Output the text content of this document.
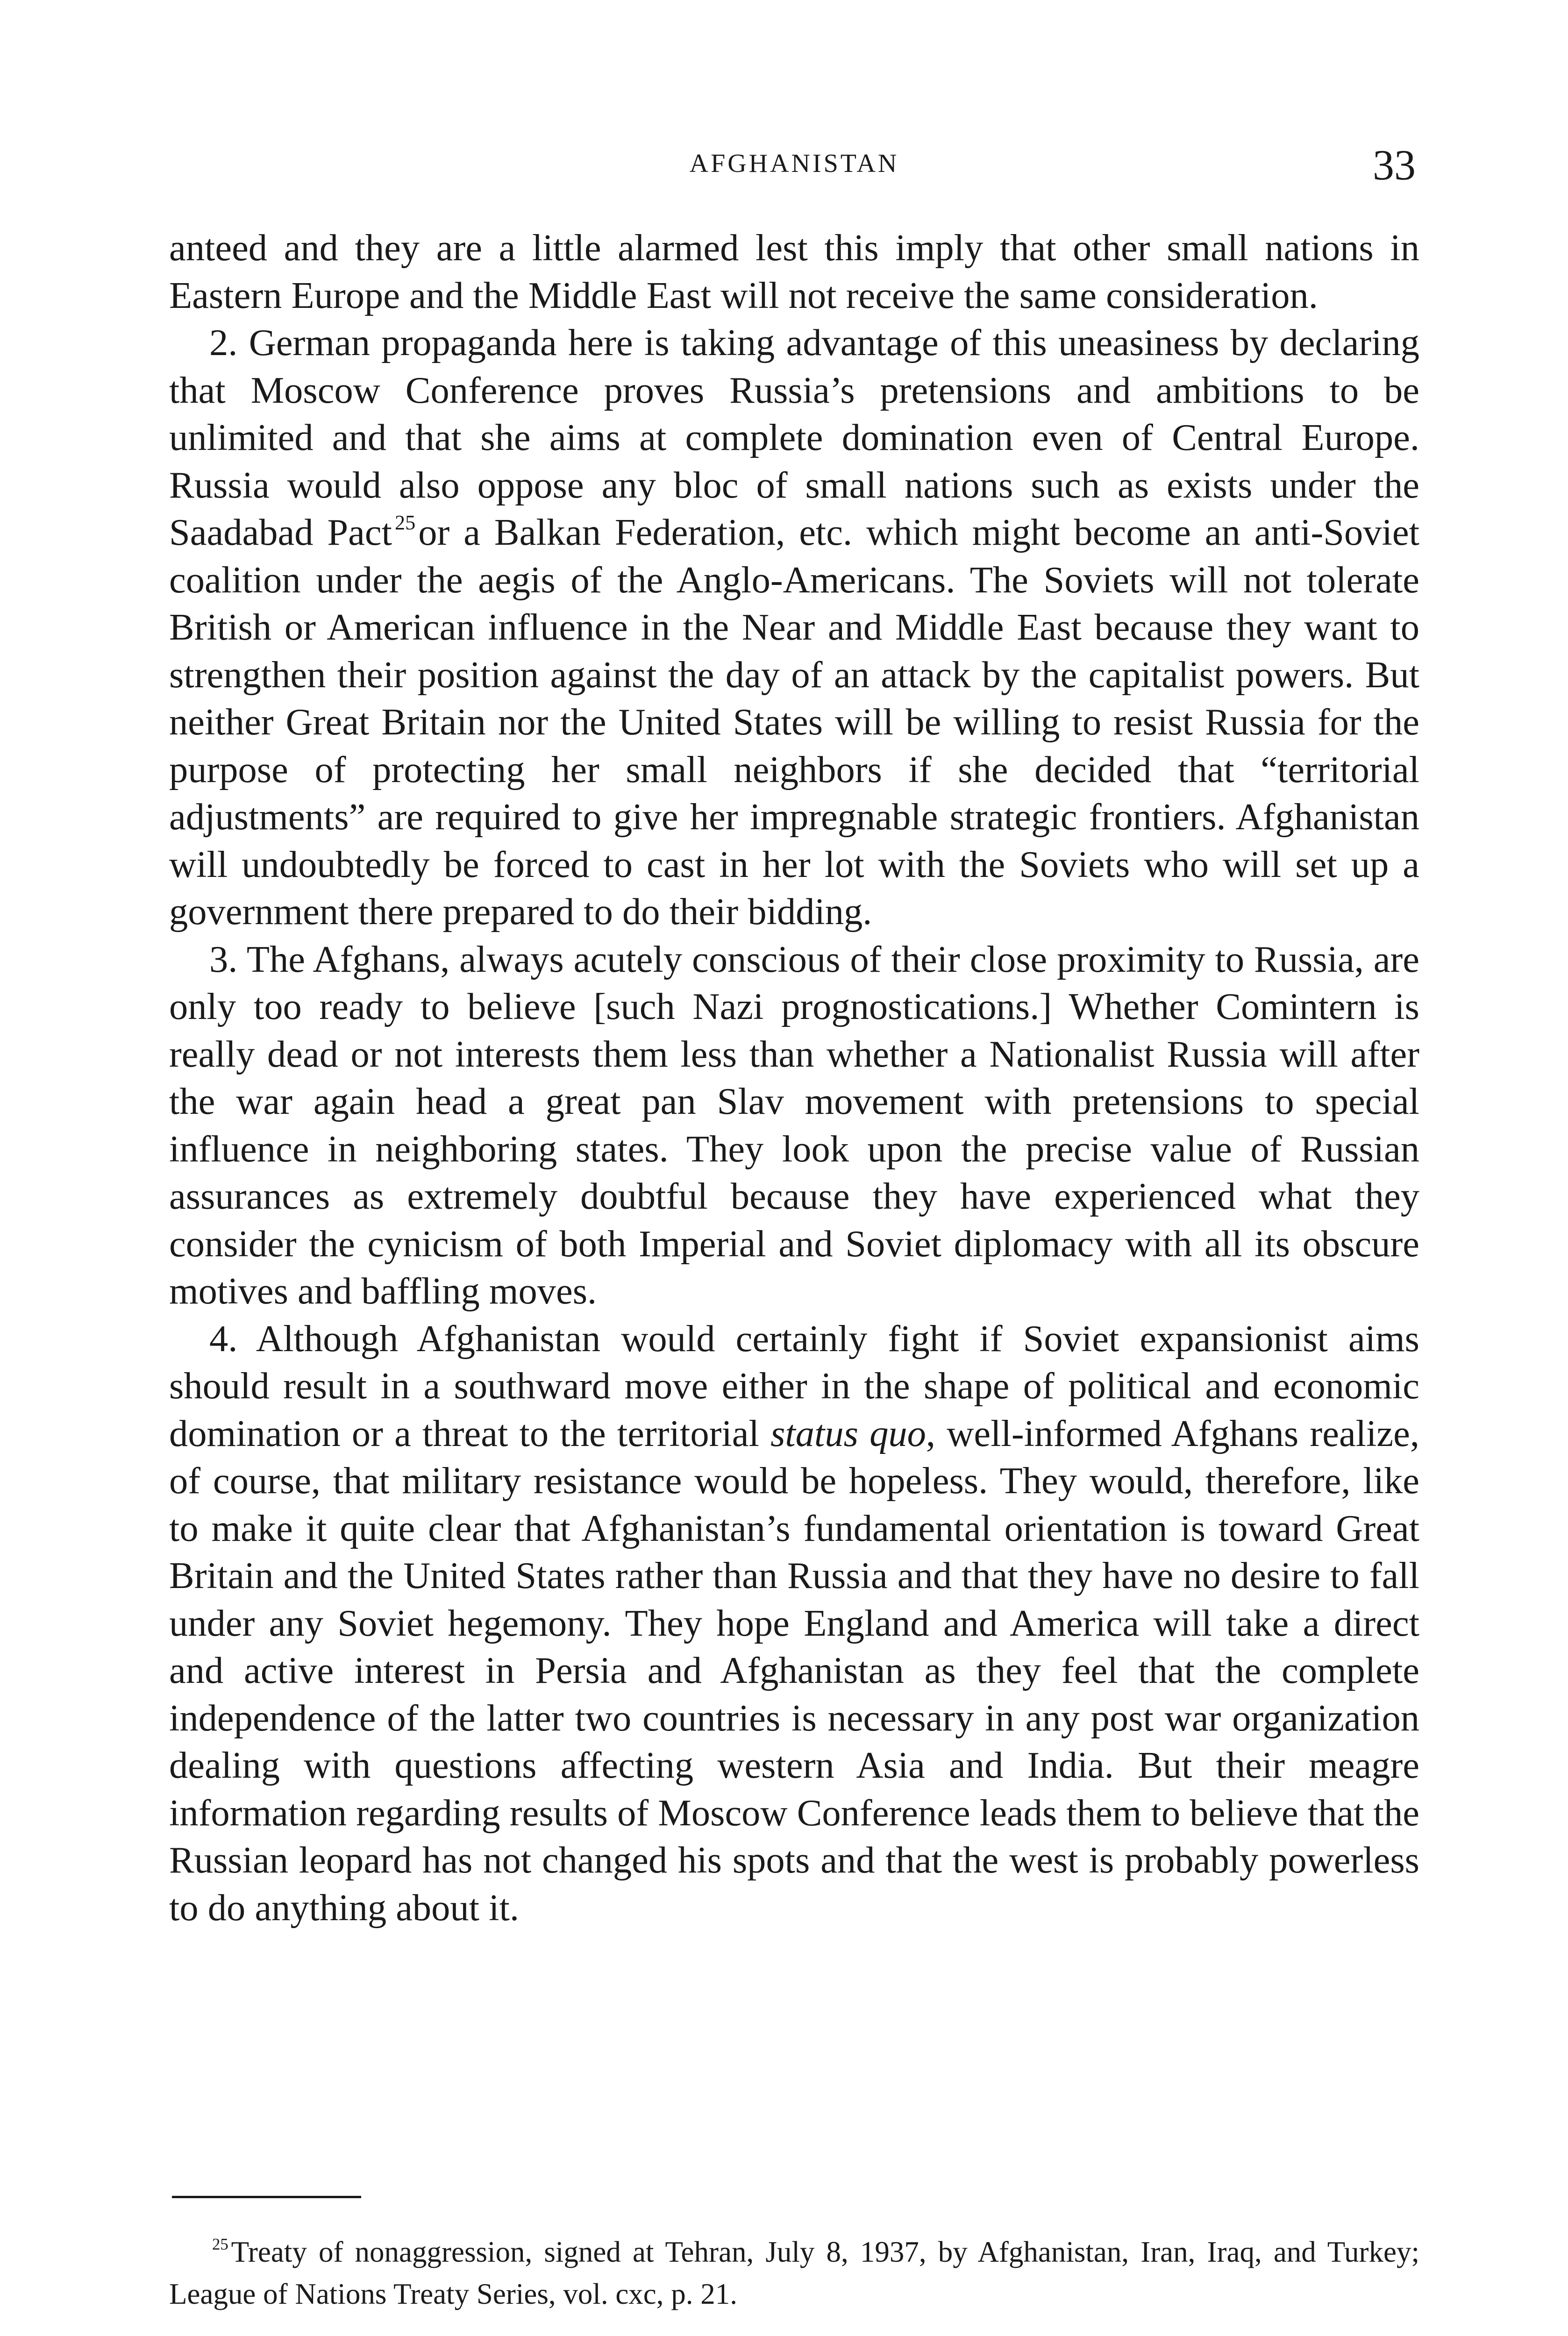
AFGHANISTAN	33

anteed and they are a little alarmed lest this imply that other small nations in Eastern Europe and the Middle East will not receive the same consideration.

2. German propaganda here is taking advantage of this uneasiness by declaring that Moscow Conference proves Russia’s pretensions and ambitions to be unlimited and that she aims at complete domination even of Central Europe. Russia would also oppose any bloc of small nations such as exists under the Saadabad Pact $^{25}$or a Balkan Federation, etc. which might become an anti-Soviet coalition under the aegis of the Anglo-Americans. The Soviets will not tolerate British or American influence in the Near and Middle East because they want to strengthen their position against the day of an attack by the capitalist powers. But neither Great Britain nor the United States will be willing to resist Russia for the purpose of protecting her small neighbors if she decided that “territorial adjustments” are required to give her impregnable strategic frontiers. Afghanistan will undoubtedly be forced to cast in her lot with the Soviets who will set up a government there prepared to do their bidding.

3. The Afghans, always acutely conscious of their close proximity to Russia, are only too ready to believe [such Nazi prognostications.] Whether Comintern is really dead or not interests them less than whether a Nationalist Russia will after the war again head a great pan Slav movement with pretensions to special influence in neighboring states. They look upon the precise value of Russian assurances as extremely doubtful because they have experienced what they consider the cynicism of both Imperial and Soviet diplomacy with all its obscure motives and baffling moves.

4. Although Afghanistan would certainly fight if Soviet expansionist aims should result in a southward move either in the shape of political and economic domination or a threat to the territorial status quo, well-informed Afghans realize, of course, that military resistance would be hopeless. They would, therefore, like to make it quite clear that Afghanistan’s fundamental orientation is toward Great Britain and the United States rather than Russia and that they have no desire to fall under any Soviet hegemony. They hope England and America will take a direct and active interest in Persia and Afghanistan as they feel that the complete independence of the latter two countries is necessary in any post war organization dealing with questions affecting western Asia and India. But their meagre information regarding results of Moscow Conference leads them to believe that the Russian leopard has not changed his spots and that the west is probably powerless to do anything about it.

$^{25}$Treaty of nonaggression, signed at Tehran, July 8, 1937, by Afghanistan, Iran, Iraq, and Turkey; League of Nations Treaty Series, vol. cxc, p. 21.
